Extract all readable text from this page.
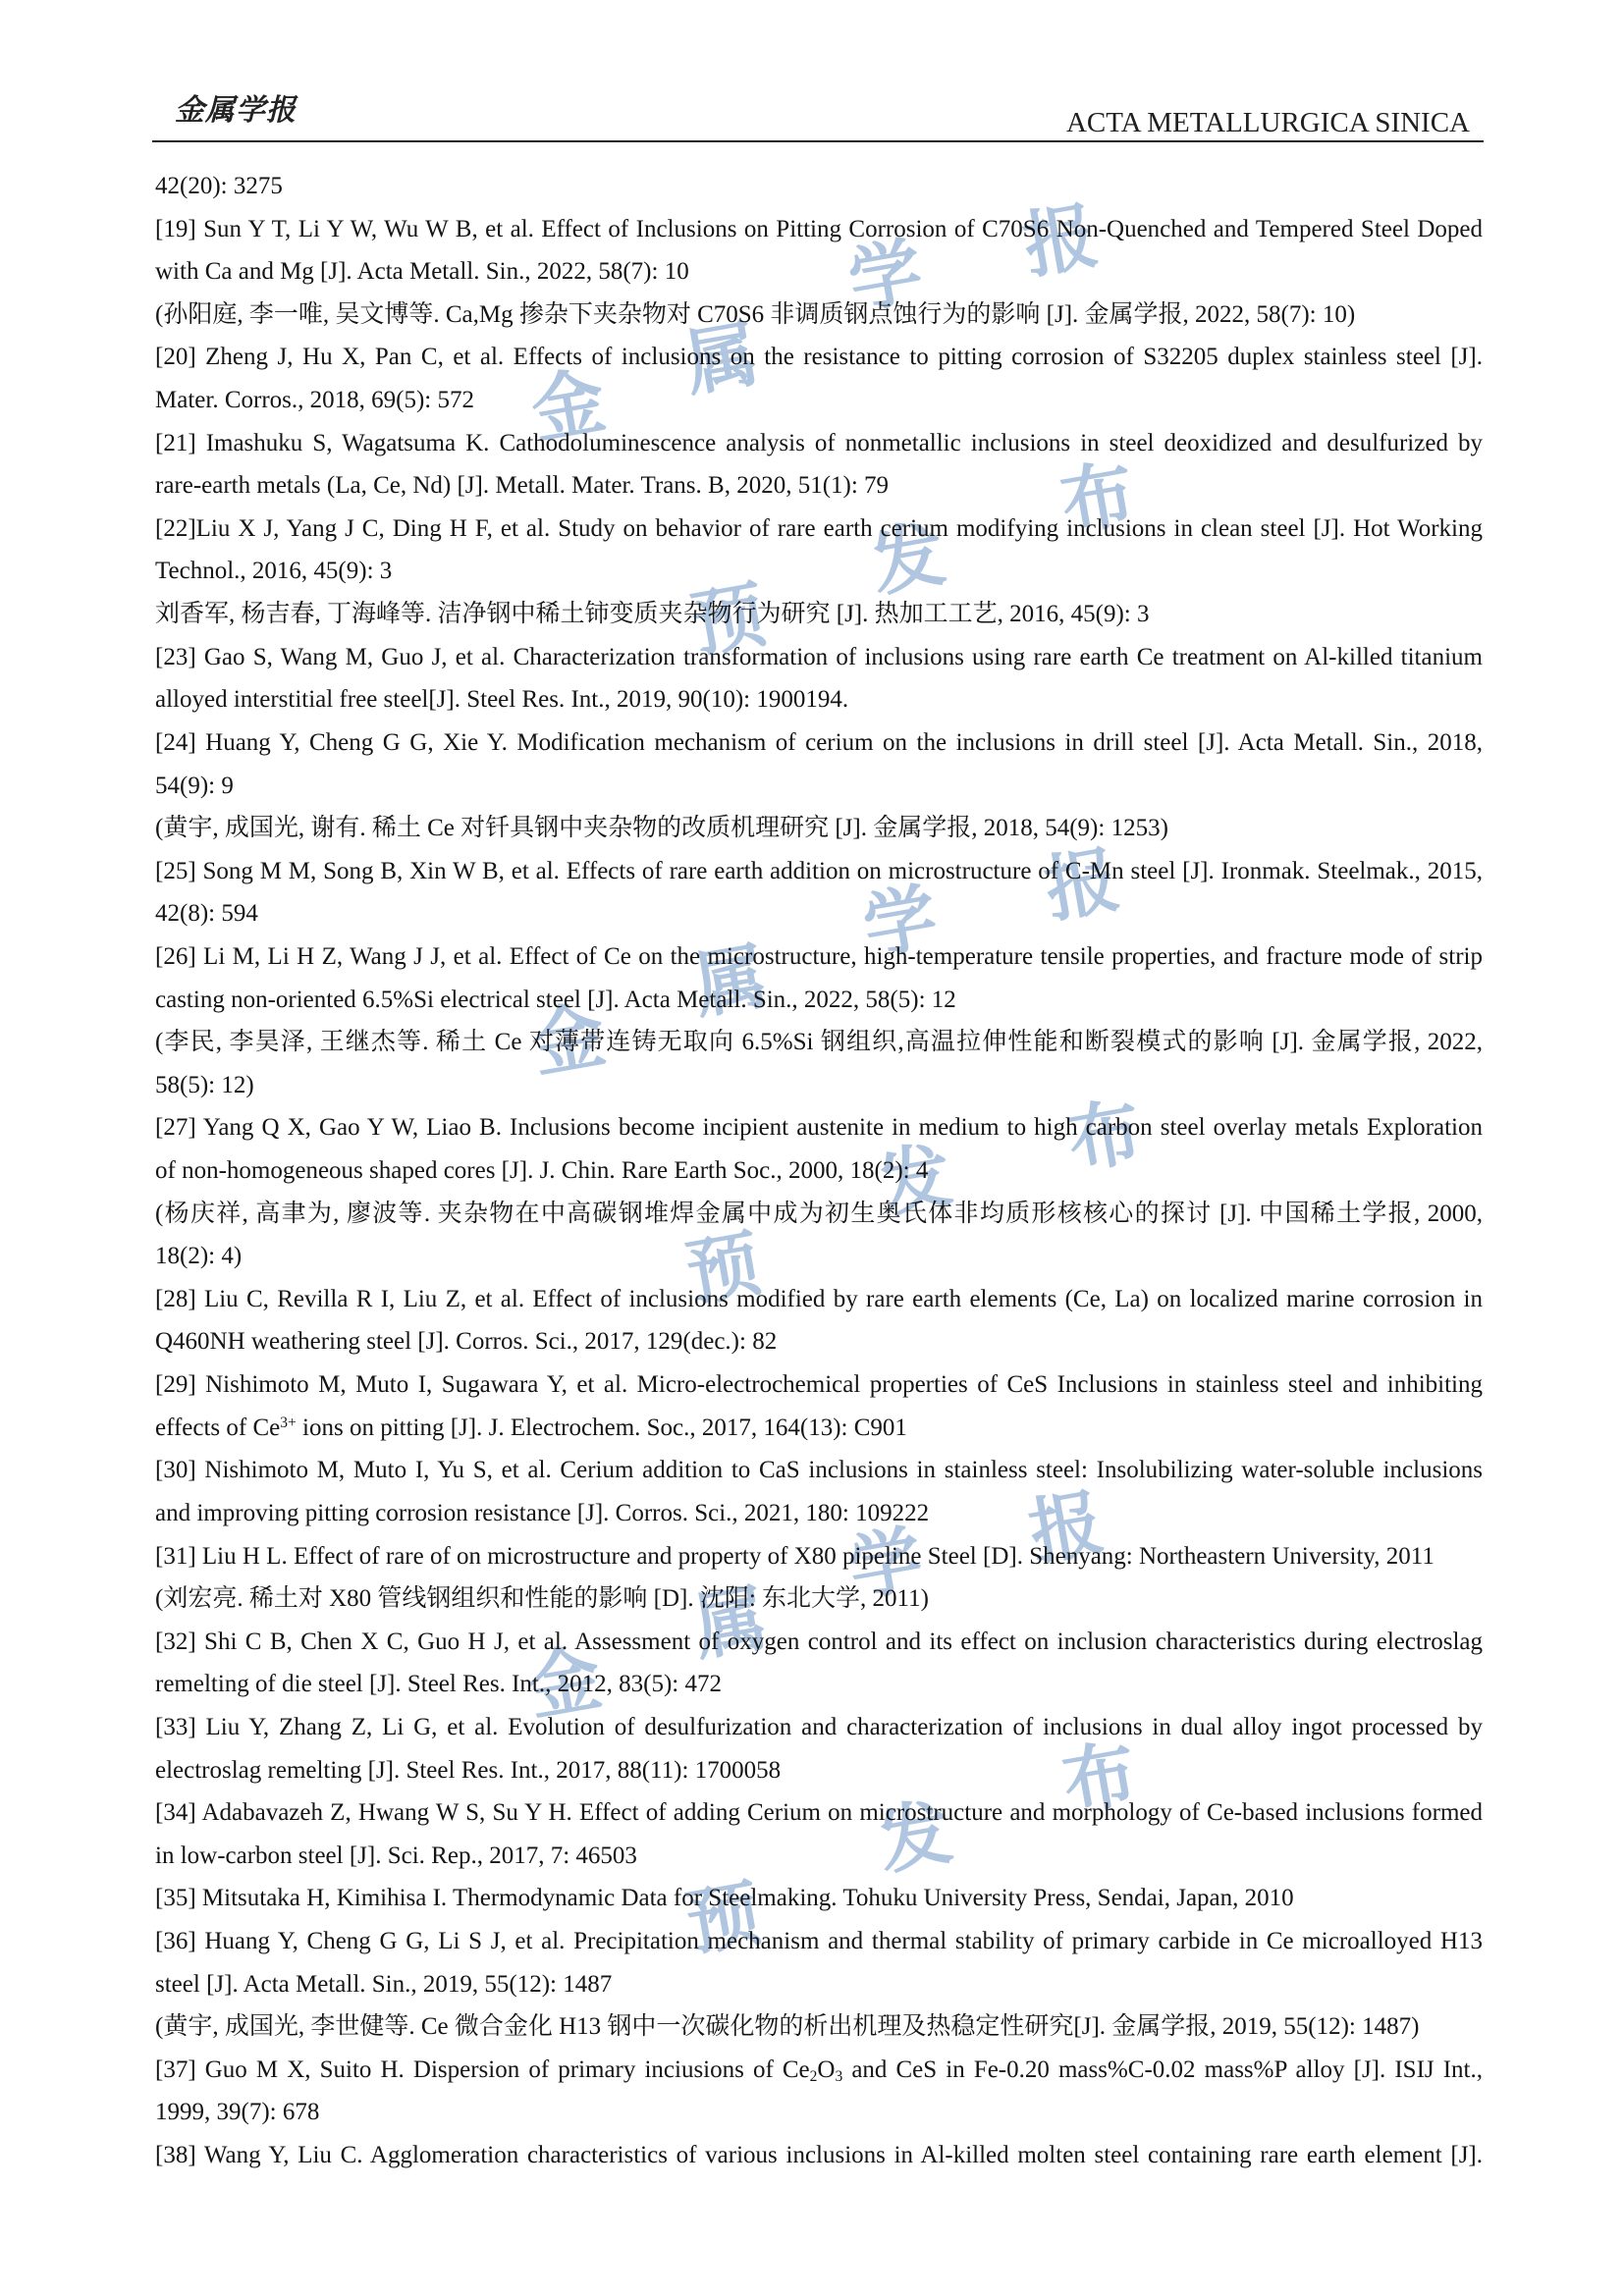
金属学报	ACTA METALLURGICA SINICA
金 属
学 报
预
发
布
金
属
学 报
预
发 布
金
属
学 报
预
发
布
42(20): 3275
[19] Sun Y T, Li Y W, Wu W B, et al. Effect of Inclusions on Pitting Corrosion of C70S6 Non-Quenched and Tempered Steel Doped
with Ca and Mg [J]. Acta Metall. Sin., 2022, 58(7): 10
(孙阳庭, 李一唯, 吴文博等. Ca,Mg 掺杂下夹杂物对 C70S6 非调质钢点蚀行为的影响 [J]. 金属学报, 2022, 58(7): 10)
[20] Zheng J, Hu X, Pan C, et al. Effects of inclusions on the resistance to pitting corrosion of S32205 duplex stainless steel [J].
Mater. Corros., 2018, 69(5): 572
[21] Imashuku S, Wagatsuma K. Cathodoluminescence analysis of nonmetallic inclusions in steel deoxidized and desulfurized by
rare-earth metals (La, Ce, Nd) [J]. Metall. Mater. Trans. B, 2020, 51(1): 79
[22]Liu X J, Yang J C, Ding H F, et al. Study on behavior of rare earth cerium modifying inclusions in clean steel [J]. Hot Working
Technol., 2016, 45(9): 3
刘香军, 杨吉春, 丁海峰等. 洁净钢中稀土铈变质夹杂物行为研究 [J]. 热加工工艺, 2016, 45(9): 3
[23] Gao S, Wang M, Guo J, et al. Characterization transformation of inclusions using rare earth Ce treatment on Al-killed titanium
alloyed interstitial free steel[J]. Steel Res. Int., 2019, 90(10): 1900194.
[24] Huang Y, Cheng G G, Xie Y. Modification mechanism of cerium on the inclusions in drill steel [J]. Acta Metall. Sin., 2018,
54(9): 9
(黄宇, 成国光, 谢有. 稀土 Ce 对钎具钢中夹杂物的改质机理研究 [J]. 金属学报, 2018, 54(9): 1253)
[25] Song M M, Song B, Xin W B, et al. Effects of rare earth addition on microstructure of C-Mn steel [J]. Ironmak. Steelmak., 2015,
42(8): 594
[26] Li M, Li H Z, Wang J J, et al. Effect of Ce on the microstructure, high-temperature tensile properties, and fracture mode of strip
casting non-oriented 6.5%Si electrical steel [J]. Acta Metall. Sin., 2022, 58(5): 12
(李民, 李昊泽, 王继杰等. 稀土 Ce 对薄带连铸无取向 6.5%Si 钢组织,高温拉伸性能和断裂模式的影响 [J]. 金属学报, 2022,
58(5): 12)
[27] Yang Q X, Gao Y W, Liao B. Inclusions become incipient austenite in medium to high carbon steel overlay metals Exploration
of non-homogeneous shaped cores [J]. J. Chin. Rare Earth Soc., 2000, 18(2): 4
(杨庆祥, 高聿为, 廖波等. 夹杂物在中高碳钢堆焊金属中成为初生奥氏体非均质形核核心的探讨 [J]. 中国稀土学报, 2000,
18(2): 4)
[28] Liu C, Revilla R I, Liu Z, et al. Effect of inclusions modified by rare earth elements (Ce, La) on localized marine corrosion in
Q460NH weathering steel [J]. Corros. Sci., 2017, 129(dec.): 82
[29] Nishimoto M, Muto I, Sugawara Y, et al. Micro-electrochemical properties of CeS Inclusions in stainless steel and inhibiting
effects of $Ce^{3+}$ ions on pitting [J]. J. Electrochem. Soc., 2017, 164(13): C901
[30] Nishimoto M, Muto I, Yu S, et al. Cerium addition to CaS inclusions in stainless steel: Insolubilizing water-soluble inclusions
and improving pitting corrosion resistance [J]. Corros. Sci., 2021, 180: 109222
[31] Liu H L. Effect of rare of on microstructure and property of X80 pipeline Steel [D]. Shenyang: Northeastern University, 2011
(刘宏亮. 稀土对 X80 管线钢组织和性能的影响 [D]. 沈阳: 东北大学, 2011)
[32] Shi C B, Chen X C, Guo H J, et al. Assessment of oxygen control and its effect on inclusion characteristics during electroslag
remelting of die steel [J]. Steel Res. Int., 2012, 83(5): 472
[33] Liu Y, Zhang Z, Li G, et al. Evolution of desulfurization and characterization of inclusions in dual alloy ingot processed by
electroslag remelting [J]. Steel Res. Int., 2017, 88(11): 1700058
[34] Adabavazeh Z, Hwang W S, Su Y H. Effect of adding Cerium on microstructure and morphology of Ce-based inclusions formed
in low-carbon steel [J]. Sci. Rep., 2017, 7: 46503
[35] Mitsutaka H, Kimihisa I. Thermodynamic Data for Steelmaking. Tohuku University Press, Sendai, Japan, 2010
[36] Huang Y, Cheng G G, Li S J, et al. Precipitation mechanism and thermal stability of primary carbide in Ce microalloyed H13
steel [J]. Acta Metall. Sin., 2019, 55(12): 1487
(黄宇, 成国光, 李世健等. Ce 微合金化 H13 钢中一次碳化物的析出机理及热稳定性研究[J]. 金属学报, 2019, 55(12): 1487)
[37] Guo M X, Suito H. Dispersion of primary inciusions of $Ce_2O_3$ and CeS in Fe-0.20 mass%C-0.02 mass%P alloy [J]. ISIJ Int.,
1999, 39(7): 678
[38] Wang Y, Liu C. Agglomeration characteristics of various inclusions in Al-killed molten steel containing rare earth element [J].
